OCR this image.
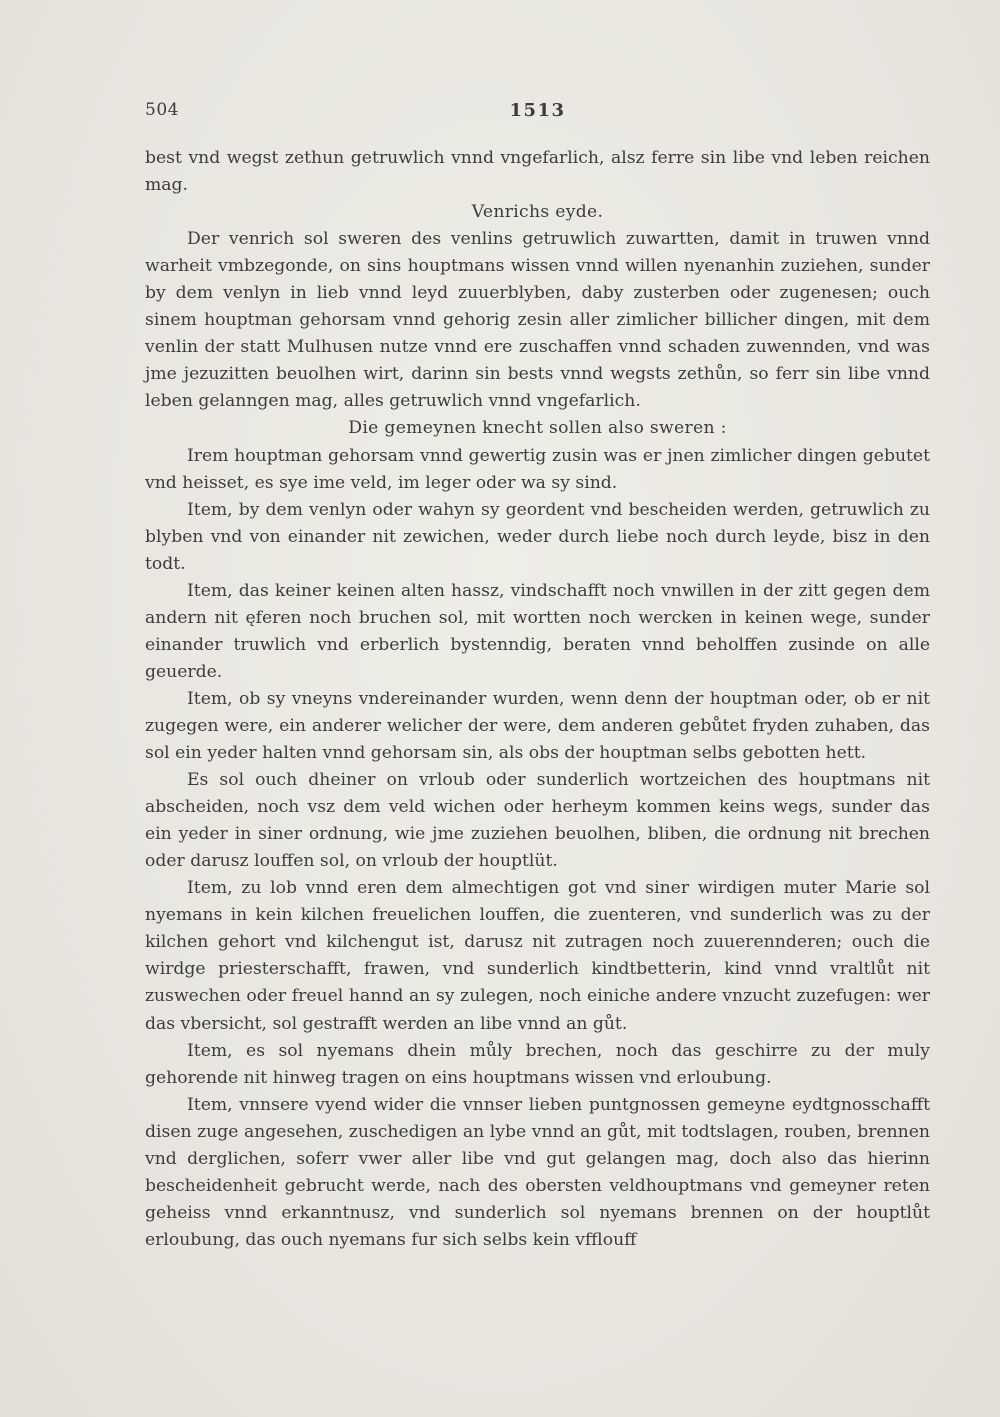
504	1513

best vnd wegst zethun getruwlich vnnd vngefarlich, alsz ferre sin libe vnd leben reichen mag.

Venrichs eyde.

Der venrich sol sweren des venlins getruwlich zuwartten, damit in truwen vnnd warheit vmbzegonde, on sins houptmans wissen vnnd willen nyenanhin zuziehen, sunder by dem venlyn in lieb vnnd leyd zuuerblyben, daby zusterben oder zugenesen; ouch sinem houptman gehorsam vnnd gehorig zesin aller zimlicher billicher dingen, mit dem venlin der statt Mulhusen nutze vnnd ere zuschaffen vnnd schaden zuwennden, vnd was jme jezuzitten beuolhen wirt, darinn sin bests vnnd wegsts zethůn, so ferr sin libe vnnd leben gelanngen mag, alles getruwlich vnnd vngefarlich.

Die gemeynen knecht sollen also sweren :

Irem houptman gehorsam vnnd gewertig zusin was er jnen zimlicher dingen gebutet vnd heisset, es sye ime veld, im leger oder wa sy sind.

Item, by dem venlyn oder wahyn sy geordent vnd bescheiden werden, getruwlich zu blyben vnd von einander nit zewichen, weder durch liebe noch durch leyde, bisz in den todt.

Item, das keiner keinen alten hassz, vindschafft noch vnwillen in der zitt gegen dem andern nit ęferen noch bruchen sol, mit wortten noch wercken in keinen wege, sunder einander truwlich vnd erberlich bystenndig, beraten vnnd beholffen zusinde on alle geuerde.

Item, ob sy vneyns vndereinander wurden, wenn denn der houptman oder, ob er nit zugegen were, ein anderer welicher der were, dem anderen gebůtet fryden zuhaben, das sol ein yeder halten vnnd gehorsam sin, als obs der houptman selbs gebotten hett.

Es sol ouch dheiner on vrloub oder sunderlich wortzeichen des houptmans nit abscheiden, noch vsz dem veld wichen oder herheym kommen keins wegs, sunder das ein yeder in siner ordnung, wie jme zuziehen beuolhen, bliben, die ordnung nit brechen oder darusz louffen sol, on vrloub der houptlüt.

Item, zu lob vnnd eren dem almechtigen got vnd siner wirdigen muter Marie sol nyemans in kein kilchen freuelichen louffen, die zuenteren, vnd sunderlich was zu der kilchen gehort vnd kilchengut ist, darusz nit zutragen noch zuuerennderen; ouch die wirdge priesterschafft, frawen, vnd sunderlich kindtbetterin, kind vnnd vraltlůt nit zuswechen oder freuel hannd an sy zulegen, noch einiche andere vnzucht zuzefugen: wer das vbersicht, sol gestrafft werden an libe vnnd an gůt.

Item, es sol nyemans dhein můly brechen, noch das geschirre zu der muly gehorende nit hinweg tragen on eins houptmans wissen vnd erloubung.

Item, vnnsere vyend wider die vnnser lieben puntgnossen gemeyne eydtgnosschafft disen zuge angesehen, zuschedigen an lybe vnnd an gůt, mit todtslagen, rouben, brennen vnd derglichen, soferr vwer aller libe vnd gut gelangen mag, doch also das hierinn bescheidenheit gebrucht werde, nach des obersten veldhouptmans vnd gemeyner reten geheiss vnnd erkanntnusz, vnd sunderlich sol nyemans brennen on der houptlůt erloubung, das ouch nyemans fur sich selbs kein vfflouff
